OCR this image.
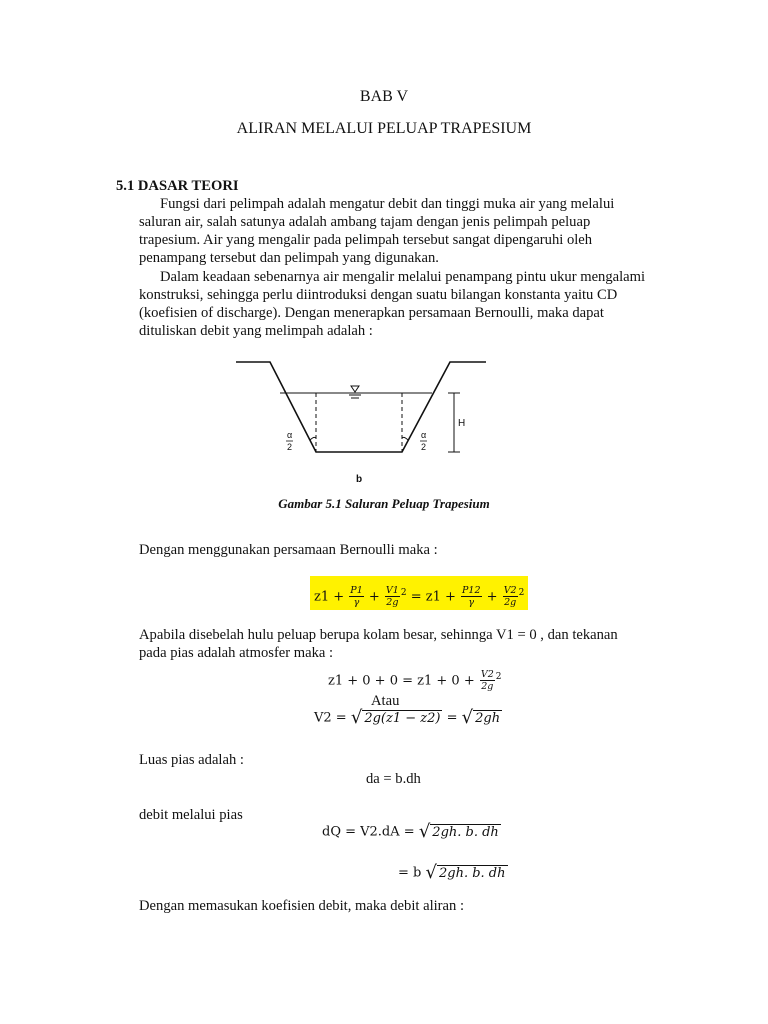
BAB V
ALIRAN MELALUI PELUAP TRAPESIUM
5.1 DASAR TEORI
Fungsi dari pelimpah adalah mengatur debit dan tinggi muka air yang melalui
saluran air, salah satunya adalah ambang tajam dengan jenis pelimpah peluap
trapesium. Air yang mengalir pada pelimpah tersebut sangat dipengaruhi oleh
penampang tersebut dan pelimpah yang digunakan.
Dalam keadaan sebenarnya air mengalir melalui penampang pintu ukur mengalami
konstruksi, sehingga perlu diintroduksi dengan suatu bilangan konstanta yaitu CD
(koefisien of discharge). Dengan menerapkan persamaan Bernoulli, maka dapat
dituliskan debit yang melimpah adalah :
H
b
α
2
α
2
Gambar 5.1 Saluran Peluap Trapesium
Dengan menggunakan persamaan Bernoulli maka :
$z1 + \frac{P1}{\gamma} + \frac{V1}{2g} ^2 = z1 + \frac{P12}{\gamma} + \frac{V2}{2g} ^2$
Apabila disebelah hulu peluap berupa kolam besar, sehinnga V1 = 0 , dan tekanan
pada pias adalah atmosfer maka :
$z1 + 0 + 0 = z1 + 0 + \frac{V2}{2g} ^2$
Atau
V2 = √ 2g(z1 − z2) = √ 2gh
Luas pias adalah :
da = b.dh
debit melalui pias
dQ = V2.dA = √ 2gh. b. dh
= b √ 2gh. b. dh
Dengan memasukan koefisien debit, maka debit aliran :
